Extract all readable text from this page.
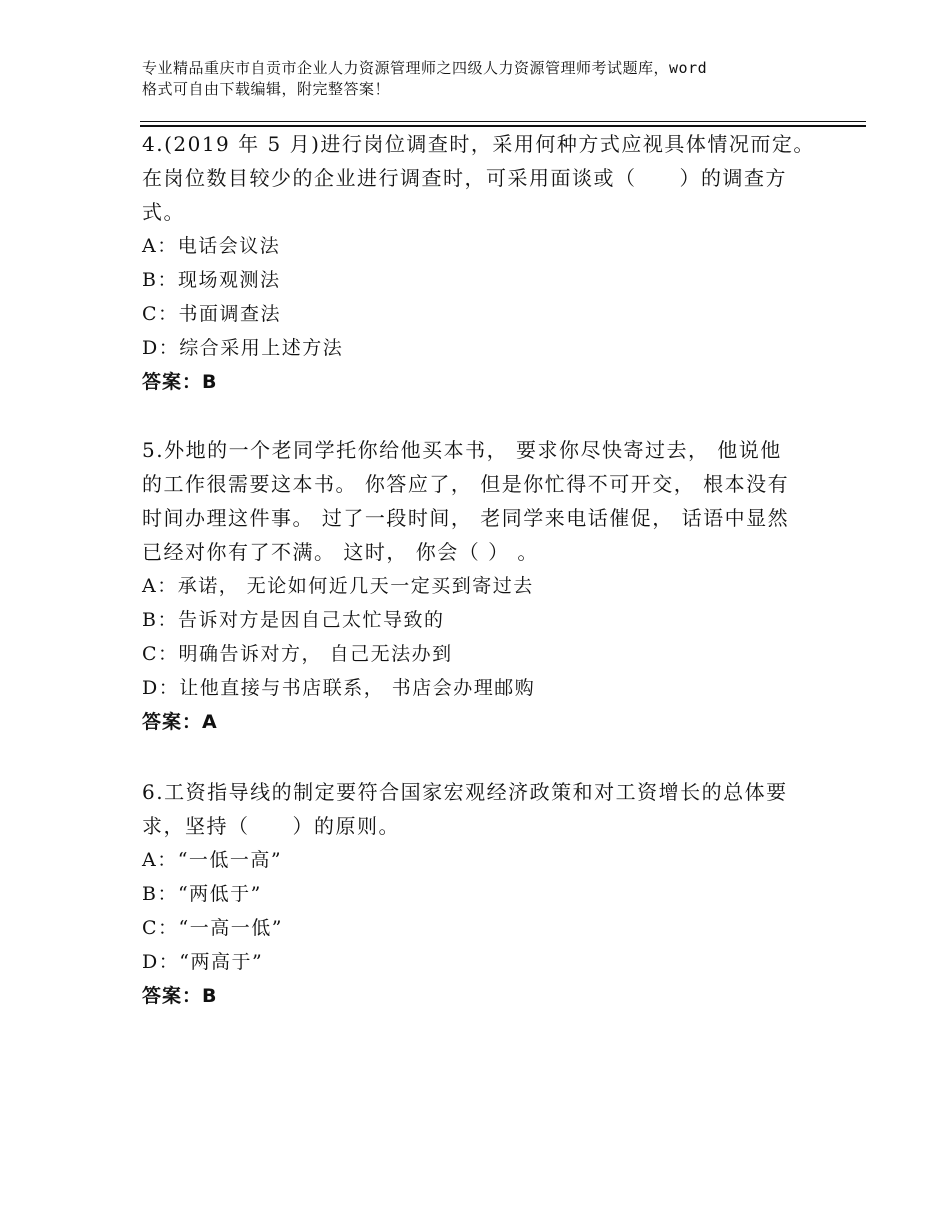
专业精品重庆市自贡市企业人力资源管理师之四级人力资源管理师考试题库，word
格式可自由下载编辑，附完整答案！
4.(2019 年 5 月)进行岗位调查时，采用何种方式应视具体情况而定。
在岗位数目较少的企业进行调查时，可采用面谈或（　　）的调查方
式。
A：电话会议法
B：现场观测法
C：书面调查法
D：综合采用上述方法
答案：B
5.外地的一个老同学托你给他买本书， 要求你尽快寄过去， 他说他
的工作很需要这本书。 你答应了， 但是你忙得不可开交， 根本没有
时间办理这件事。 过了一段时间， 老同学来电话催促， 话语中显然
已经对你有了不满。 这时， 你会（ ） 。
A：承诺， 无论如何近几天一定买到寄过去
B：告诉对方是因自己太忙导致的
C：明确告诉对方， 自己无法办到
D：让他直接与书店联系， 书店会办理邮购
答案：A
6.工资指导线的制定要符合国家宏观经济政策和对工资增长的总体要
求，坚持（　　）的原则。
A：“一低一高”
B：“两低于”
C：“一高一低”
D：“两高于”
答案：B
